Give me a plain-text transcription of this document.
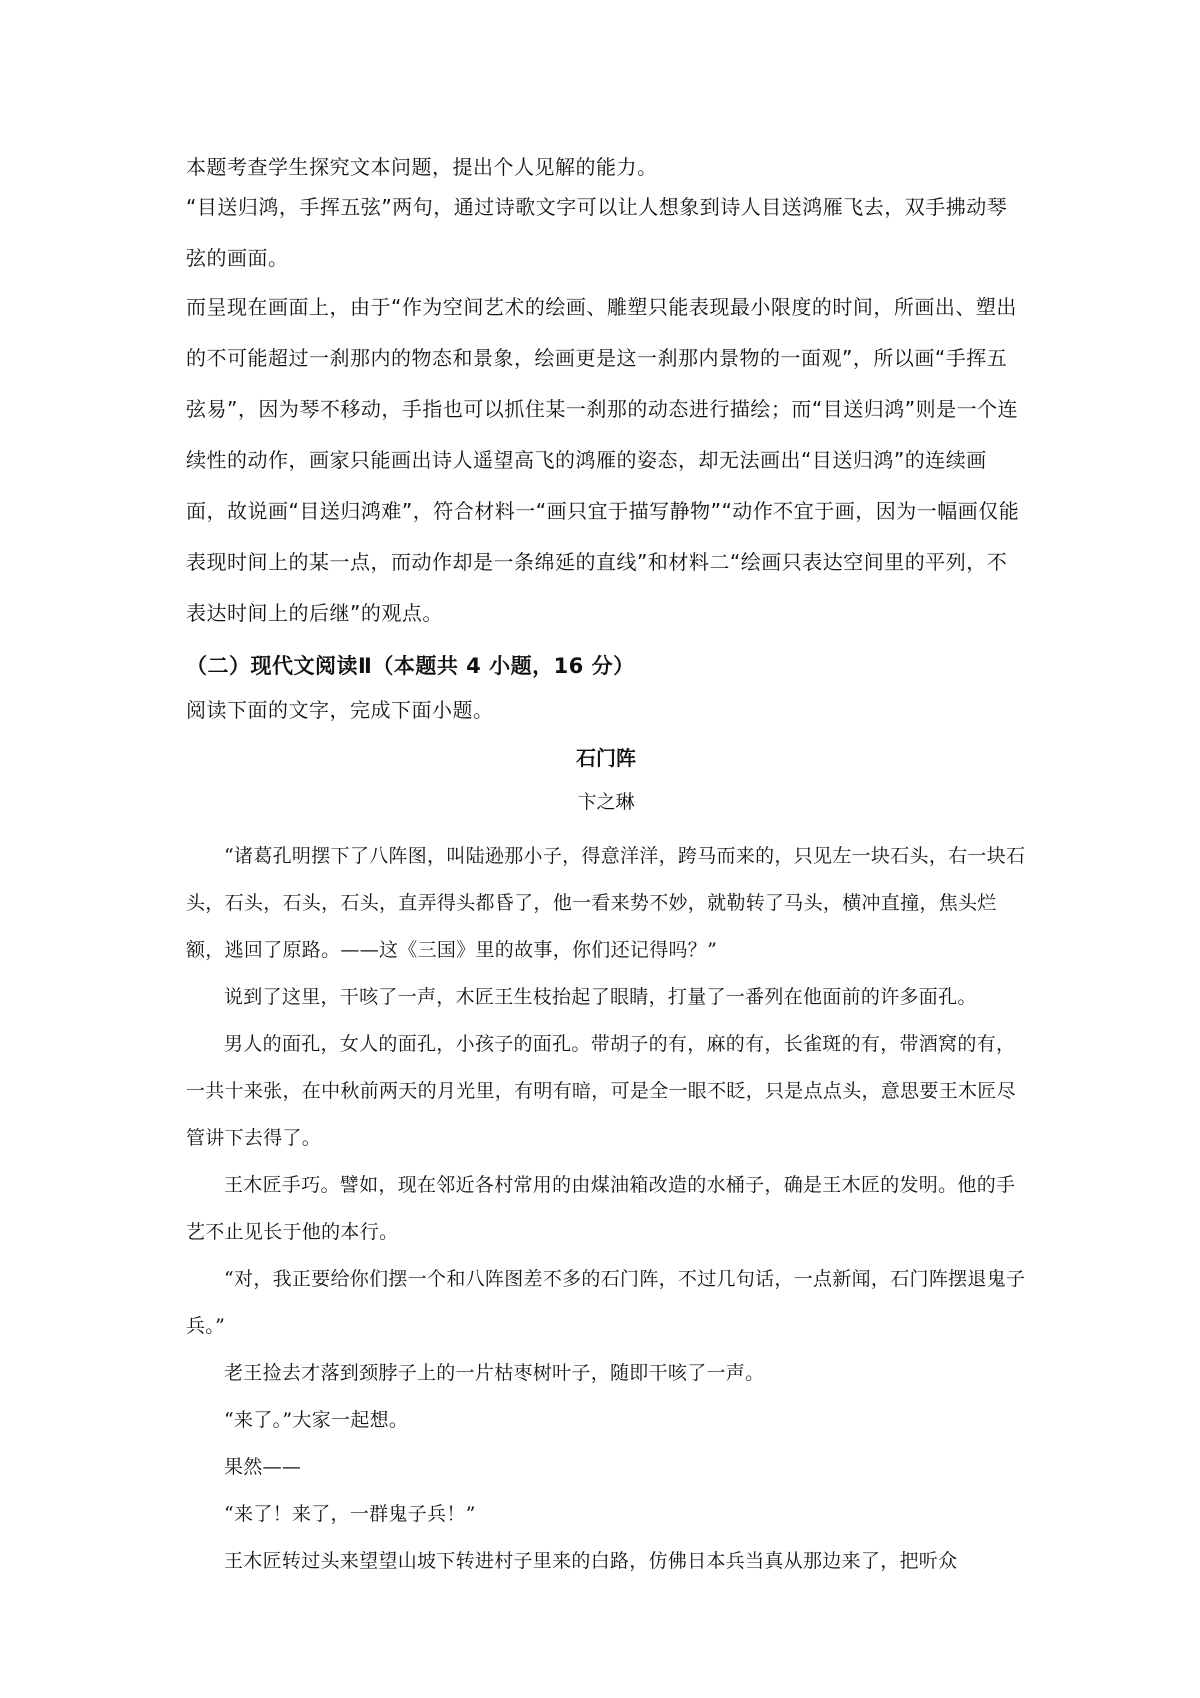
本题考查学生探究文本问题，提出个人见解的能力。

“目送归鸿，手挥五弦”两句，通过诗歌文字可以让人想象到诗人目送鸿雁飞去，双手拂动琴弦的画面。

而呈现在画面上，由于“作为空间艺术的绘画、雕塑只能表现最小限度的时间，所画出、塑出的不可能超过一刹那内的物态和景象，绘画更是这一刹那内景物的一面观”，所以画“手挥五弦易”，因为琴不移动，手指也可以抓住某一刹那的动态进行描绘；而“目送归鸿”则是一个连续性的动作，画家只能画出诗人遥望高飞的鸿雁的姿态，却无法画出“目送归鸿”的连续画面，故说画“目送归鸿难”，符合材料一“画只宜于描写静物”“动作不宜于画，因为一幅画仅能表现时间上的某一点，而动作却是一条绵延的直线”和材料二“绘画只表达空间里的平列，不表达时间上的后继”的观点。

（二）现代文阅读Ⅱ（本题共 4 小题，16 分）
阅读下面的文字，完成下面小题。
石门阵
卞之琳

“诸葛孔明摆下了八阵图，叫陆逊那小子，得意洋洋，跨马而来的，只见左一块石头，右一块石头，石头，石头，石头，直弄得头都昏了，他一看来势不妙，就勒转了马头，横冲直撞，焦头烂额，逃回了原路。——这《三国》里的故事，你们还记得吗？”

说到了这里，干咳了一声，木匠王生枝抬起了眼睛，打量了一番列在他面前的许多面孔。

男人的面孔，女人的面孔，小孩子的面孔。带胡子的有，麻的有，长雀斑的有，带酒窝的有，一共十来张，在中秋前两天的月光里，有明有暗，可是全一眼不眨，只是点点头，意思要王木匠尽管讲下去得了。

王木匠手巧。譬如，现在邻近各村常用的由煤油箱改造的水桶子，确是王木匠的发明。他的手艺不止见长于他的本行。

“对，我正要给你们摆一个和八阵图差不多的石门阵，不过几句话，一点新闻，石门阵摆退鬼子兵。”

老王捡去才落到颈脖子上的一片枯枣树叶子，随即干咳了一声。

“来了。”大家一起想。

果然——

“来了！来了，一群鬼子兵！”

王木匠转过头来望望山坡下转进村子里来的白路，仿佛日本兵当真从那边来了，把听众
